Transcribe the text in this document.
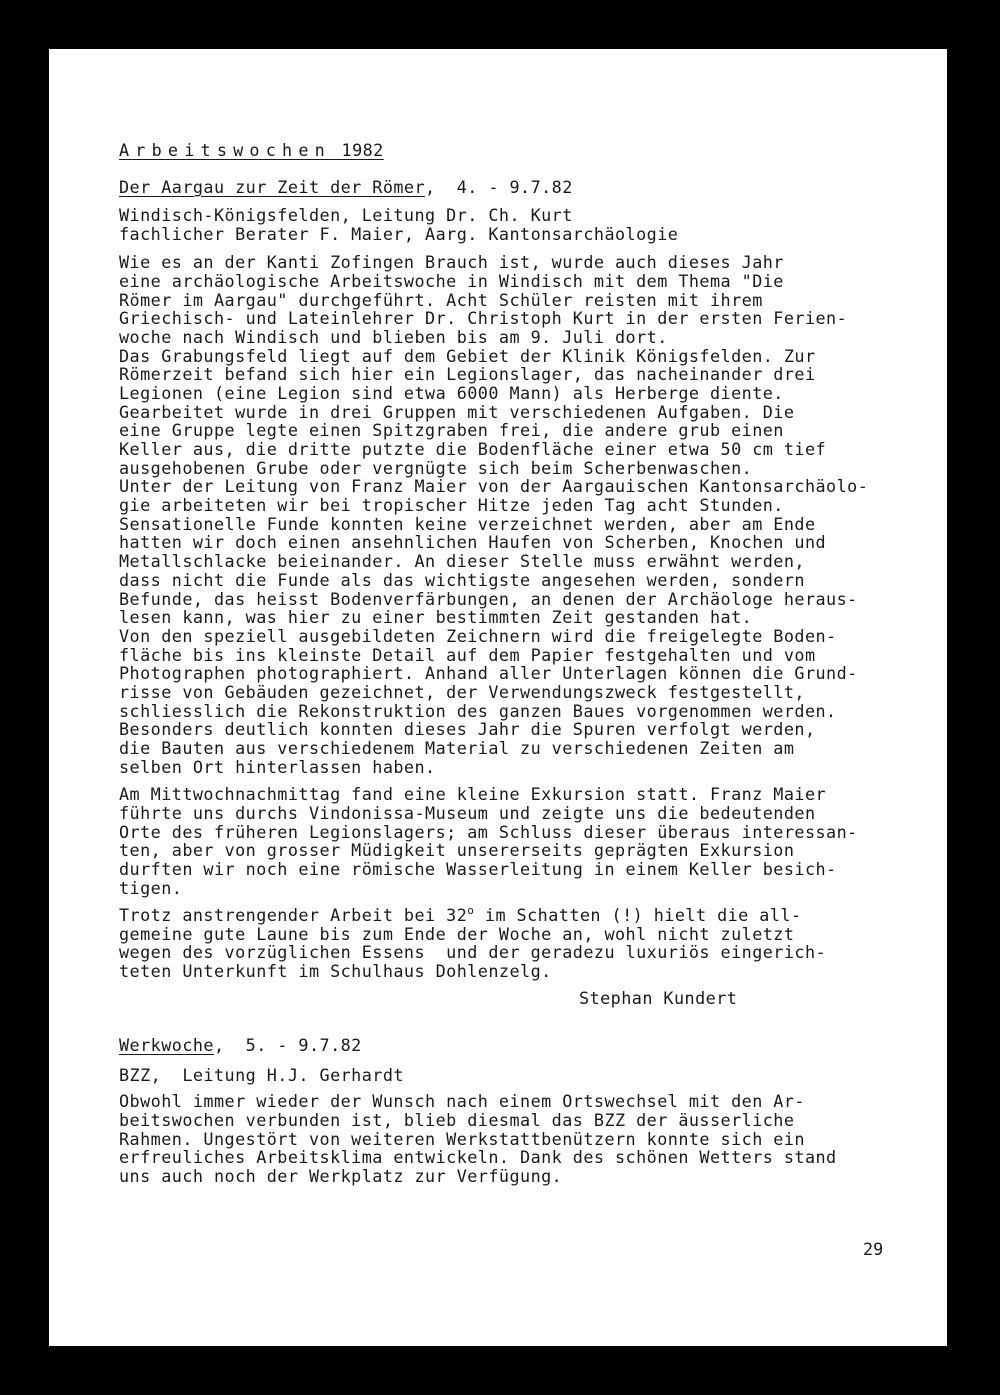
Arbeitswochen 1982
Der Aargau zur Zeit der Römer,  4. - 9.7.82
Windisch-Königsfelden, Leitung Dr. Ch. Kurt
fachlicher Berater F. Maier, Aarg. Kantonsarchäologie
Wie es an der Kanti Zofingen Brauch ist, wurde auch dieses Jahr
eine archäologische Arbeitswoche in Windisch mit dem Thema "Die
Römer im Aargau" durchgeführt. Acht Schüler reisten mit ihrem
Griechisch- und Lateinlehrer Dr. Christoph Kurt in der ersten Ferien-
woche nach Windisch und blieben bis am 9. Juli dort.
Das Grabungsfeld liegt auf dem Gebiet der Klinik Königsfelden. Zur
Römerzeit befand sich hier ein Legionslager, das nacheinander drei
Legionen (eine Legion sind etwa 6000 Mann) als Herberge diente.
Gearbeitet wurde in drei Gruppen mit verschiedenen Aufgaben. Die
eine Gruppe legte einen Spitzgraben frei, die andere grub einen
Keller aus, die dritte putzte die Bodenfläche einer etwa 50 cm tief
ausgehobenen Grube oder vergnügte sich beim Scherbenwaschen.
Unter der Leitung von Franz Maier von der Aargauischen Kantonsarchäolo-
gie arbeiteten wir bei tropischer Hitze jeden Tag acht Stunden.
Sensationelle Funde konnten keine verzeichnet werden, aber am Ende
hatten wir doch einen ansehnlichen Haufen von Scherben, Knochen und
Metallschlacke beieinander. An dieser Stelle muss erwähnt werden,
dass nicht die Funde als das wichtigste angesehen werden, sondern
Befunde, das heisst Bodenverfärbungen, an denen der Archäologe heraus-
lesen kann, was hier zu einer bestimmten Zeit gestanden hat.
Von den speziell ausgebildeten Zeichnern wird die freigelegte Boden-
fläche bis ins kleinste Detail auf dem Papier festgehalten und vom
Photographen photographiert. Anhand aller Unterlagen können die Grund-
risse von Gebäuden gezeichnet, der Verwendungszweck festgestellt,
schliesslich die Rekonstruktion des ganzen Baues vorgenommen werden.
Besonders deutlich konnten dieses Jahr die Spuren verfolgt werden,
die Bauten aus verschiedenem Material zu verschiedenen Zeiten am
selben Ort hinterlassen haben.
Am Mittwochnachmittag fand eine kleine Exkursion statt. Franz Maier
führte uns durchs Vindonissa-Museum und zeigte uns die bedeutenden
Orte des früheren Legionslagers; am Schluss dieser überaus interessan-
ten, aber von grosser Müdigkeit unsererseits geprägten Exkursion
durften wir noch eine römische Wasserleitung in einem Keller besich-
tigen.
Trotz anstrengender Arbeit bei 32$^o$ im Schatten (!) hielt die all-
gemeine gute Laune bis zum Ende der Woche an, wohl nicht zuletzt
wegen des vorzüglichen Essens  und der geradezu luxuriös eingerich-
teten Unterkunft im Schulhaus Dohlenzelg.
Stephan Kundert
Werkwoche,  5. - 9.7.82
BZZ,  Leitung H.J. Gerhardt
Obwohl immer wieder der Wunsch nach einem Ortswechsel mit den Ar-
beitswochen verbunden ist, blieb diesmal das BZZ der äusserliche
Rahmen. Ungestört von weiteren Werkstattbenützern konnte sich ein
erfreuliches Arbeitsklima entwickeln. Dank des schönen Wetters stand
uns auch noch der Werkplatz zur Verfügung.
29
